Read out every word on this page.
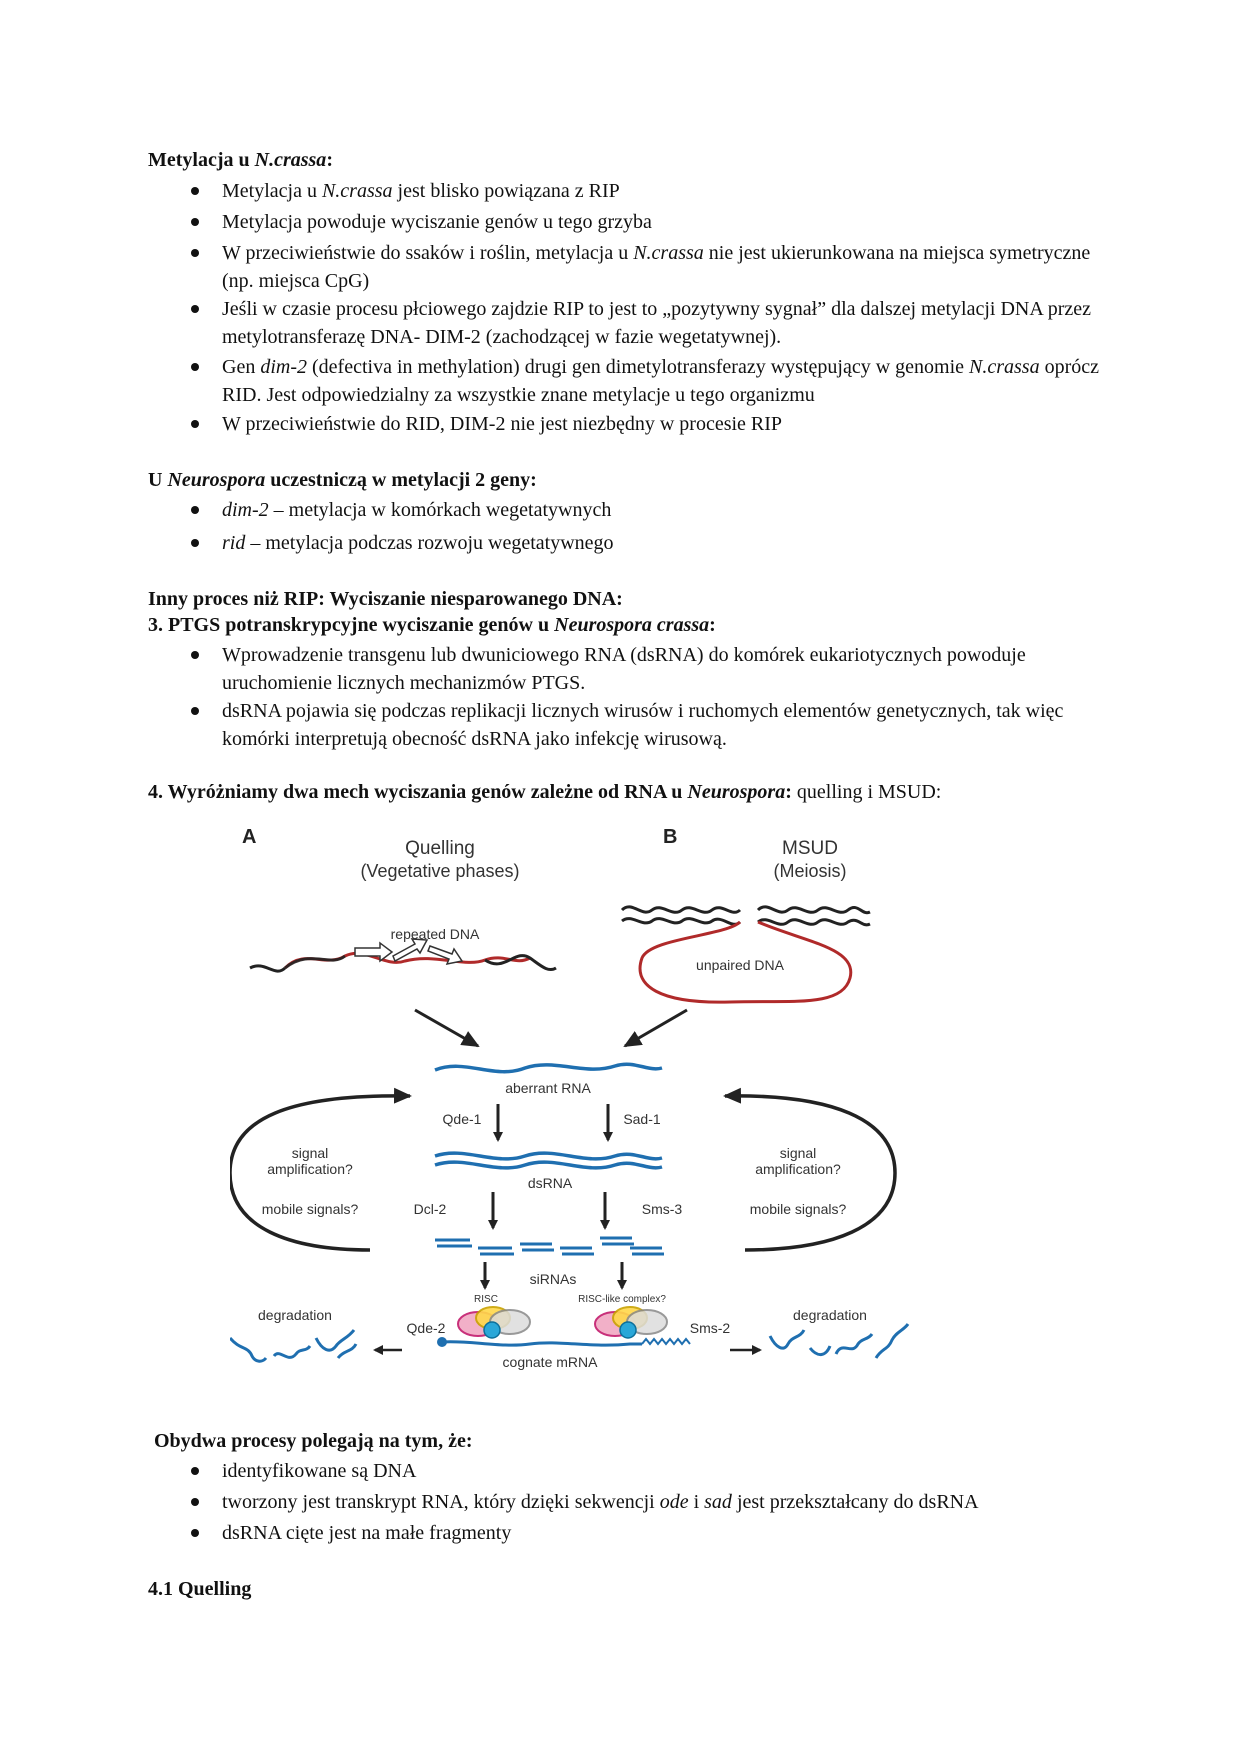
Metylacja u N.crassa:
Metylacja u N.crassa jest blisko powiązana z RIP
Metylacja powoduje wyciszanie genów u tego grzyba
W przeciwieństwie do ssaków i roślin, metylacja u N.crassa nie jest ukierunkowana na miejsca symetryczne (np. miejsca CpG)
Jeśli w czasie procesu płciowego zajdzie RIP to jest to „pozytywny sygnał” dla dalszej metylacji DNA przez metylotransferazę DNA- DIM-2 (zachodzącej w fazie wegetatywnej).
Gen dim-2 (defectiva in methylation) drugi gen dimetylotransferazy występujący w genomie N.crassa oprócz RID. Jest odpowiedzialny za wszystkie znane metylacje u tego organizmu
W przeciwieństwie do RID, DIM-2 nie jest niezbędny w procesie RIP
U Neurospora uczestniczą w metylacji 2 geny:
dim-2 – metylacja w komórkach wegetatywnych
rid – metylacja podczas rozwoju wegetatywnego
Inny proces niż RIP: Wyciszanie niesparowanego DNA:
3. PTGS potranskrypcyjne wyciszanie genów u Neurospora crassa:
Wprowadzenie transgenu lub dwuniciowego RNA (dsRNA) do komórek eukariotycznych powoduje uruchomienie licznych mechanizmów PTGS.
dsRNA pojawia się podczas replikacji licznych wirusów i ruchomych elementów genetycznych, tak więc komórki interpretują obecność dsRNA jako infekcję wirusową.
4. Wyróżniamy dwa mech wyciszania genów zależne od RNA u Neurospora: quelling i MSUD:
A
Quelling
(Vegetative phases)
B
MSUD
(Meiosis)
repeated DNA
unpaired DNA
aberrant RNA
Qde-1	Sad-1
dsRNA
Dcl-2	Sms-3
siRNAs
RISC	RISC-like complex?
cognate mRNA
signal
amplification?
mobile signals?
signal
amplification?
mobile signals?
degradation
Qde-2
degradation
Sms-2
Obydwa procesy polegają na tym, że:
identyfikowane są DNA
tworzony jest transkrypt RNA, który dzięki sekwencji ode i sad jest przekształcany do dsRNA
dsRNA cięte jest na małe fragmenty
4.1 Quelling
